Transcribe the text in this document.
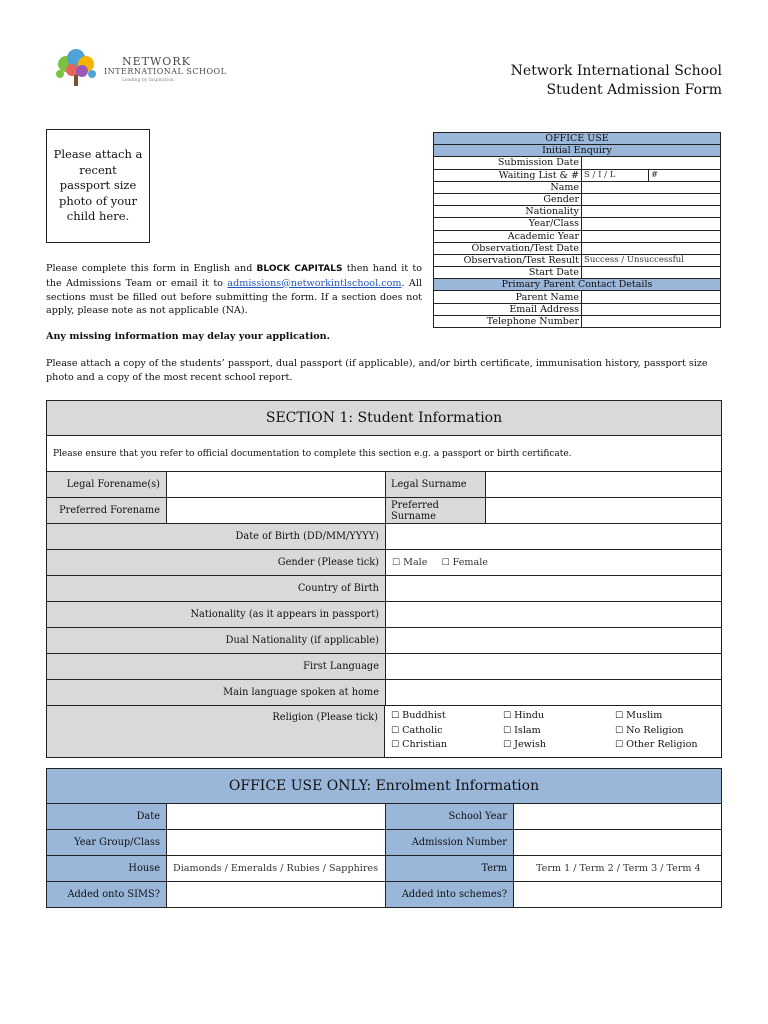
NETWORK
INTERNATIONAL SCHOOL
Leading by Inspiration
Network International School
Student Admission Form
Please attach a recent passport size photo of your child here.
OFFICE USE		
Initial Enquiry		
Submission Date		
Waiting List & #	S / I / L	#
Name		
Gender		
Nationality		
Year/Class		
Academic Year		
Observation/Test Date		
Observation/Test Result	Success / Unsuccessful	
Start Date		
Primary Parent Contact Details		
Parent Name		
Email Address		
Telephone Number		
Please complete this form in English and BLOCK CAPITALS then hand it to the Admissions Team or email it to admissions@networkintlschool.com. All sections must be filled out before submitting the form. If a section does not apply, please note as not applicable (NA).
Any missing information may delay your application.
Please attach a copy of the students’ passport, dual passport (if applicable), and/or birth certificate, immunisation history, passport size photo and a copy of the most recent school report.
SECTION 1: Student Information
Please ensure that you refer to official documentation to complete this section e.g. a passport or birth certificate.
Legal Forename(s)	Legal Surname
Preferred Forename	Preferred Surname
Date of Birth (DD/MM/YYYY)
Gender (Please tick)	☐ Male ☐ Female
Country of Birth
Nationality (as it appears in passport)
Dual Nationality (if applicable)
First Language
Main language spoken at home
Religion (Please tick)	☐ Buddhist	☐ Hindu	☐ Muslim
☐ Catholic	☐ Islam	☐ No Religion
☐ Christian	☐ Jewish	☐ Other Religion
OFFICE USE ONLY: Enrolment Information
Date	School Year
Year Group/Class	Admission Number
House	Diamonds / Emeralds / Rubies / Sapphires	Term	Term 1 / Term 2 / Term 3 / Term 4
Added onto SIMS?	Added into schemes?
